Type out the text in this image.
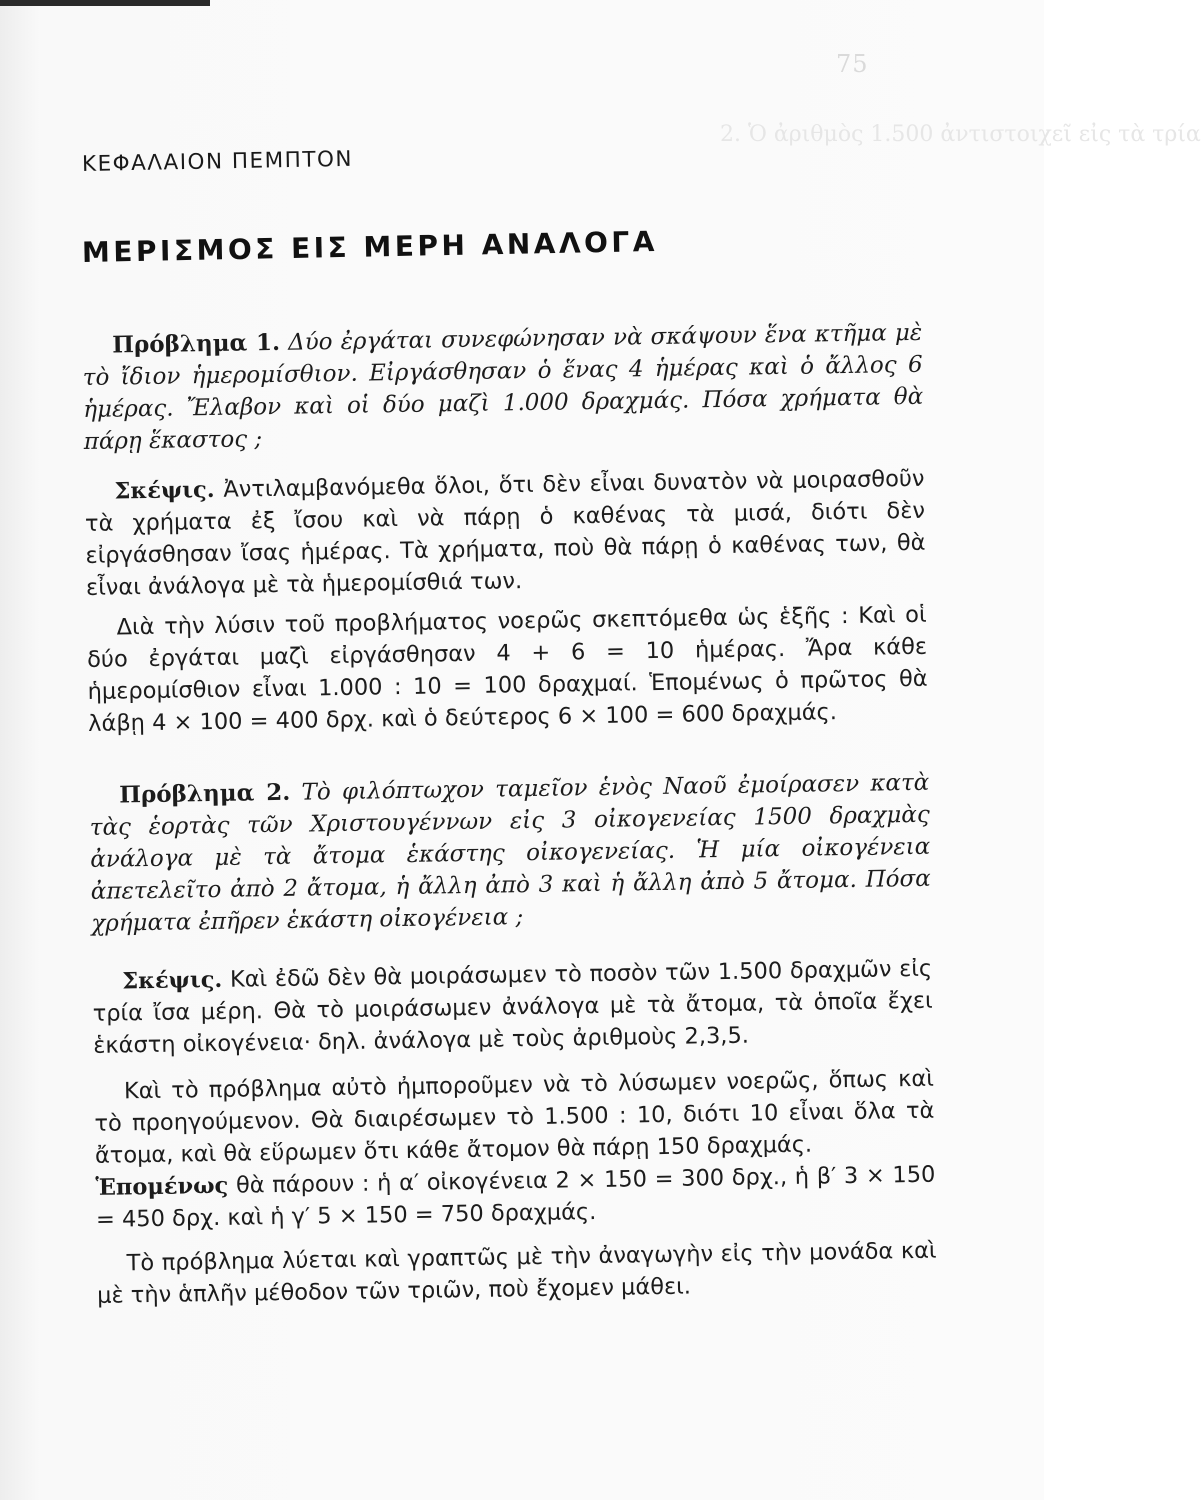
75
2. Ὁ ἀριθμὸς 1.500 ἀντιστοιχεῖ εἰς τὰ τρία
ΚΕΦΑΛΑΙΟΝ ΠΕΜΠΤΟΝ
ΜΕΡΙΣΜΟΣ ΕΙΣ ΜΕΡΗ ΑΝΑΛΟΓΑ

Πρόβλημα 1. Δύο ἐργάται συνεφώνησαν νὰ σκάψουν ἕνα κτῆμα μὲ τὸ ἴδιον ἡμερομίσθιον. Εἰργάσθησαν ὁ ἕνας 4 ἡμέρας καὶ ὁ ἄλλος 6 ἡμέρας. Ἔλαβον καὶ οἱ δύο μαζὶ 1.000 δραχμάς. Πόσα χρήματα θὰ πάρῃ ἕκαστος ;

Σκέψις. Ἀντιλαμβανόμεθα ὅλοι, ὅτι δὲν εἶναι δυνατὸν νὰ μοιρασθοῦν τὰ χρήματα ἐξ ἴσου καὶ νὰ πάρῃ ὁ καθένας τὰ μισά, διότι δὲν εἰργάσθησαν ἴσας ἡμέρας. Τὰ χρήματα, ποὺ θὰ πάρῃ ὁ καθένας των, θὰ εἶναι ἀνάλογα μὲ τὰ ἡμερομίσθιά των.

Διὰ τὴν λύσιν τοῦ προβλήματος νοερῶς σκεπτόμεθα ὡς ἑξῆς : Καὶ οἱ δύο ἐργάται μαζὶ εἰργάσθησαν 4 + 6 = 10 ἡμέρας. Ἄρα κάθε ἡμερομίσθιον εἶναι 1.000 : 10 = 100 δραχμαί. Ἑπομένως ὁ πρῶτος θὰ λάβῃ 4 × 100 = 400 δρχ. καὶ ὁ δεύτερος 6 × 100 = 600 δραχμάς.

Πρόβλημα 2. Τὸ φιλόπτωχον ταμεῖον ἑνὸς Ναοῦ ἐμοίρασεν κατὰ τὰς ἑορτὰς τῶν Χριστουγέννων εἰς 3 οἰκογενείας 1500 δραχμὰς ἀνάλογα μὲ τὰ ἄτομα ἑκάστης οἰκογενείας. Ἡ μία οἰκογένεια ἀπετελεῖτο ἀπὸ 2 ἄτομα, ἡ ἄλλη ἀπὸ 3 καὶ ἡ ἄλλη ἀπὸ 5 ἄτομα. Πόσα χρήματα ἐπῆρεν ἑκάστη οἰκογένεια ;

Σκέψις. Καὶ ἐδῶ δὲν θὰ μοιράσωμεν τὸ ποσὸν τῶν 1.500 δραχμῶν εἰς τρία ἴσα μέρη. Θὰ τὸ μοιράσωμεν ἀνάλογα μὲ τὰ ἄτομα, τὰ ὁποῖα ἔχει ἑκάστη οἰκογένεια· δηλ. ἀνάλογα μὲ τοὺς ἀριθμοὺς 2,3,5.

Καὶ τὸ πρόβλημα αὐτὸ ἠμποροῦμεν νὰ τὸ λύσωμεν νοερῶς, ὅπως καὶ τὸ προηγούμενον. Θὰ διαιρέσωμεν τὸ 1.500 : 10, διότι 10 εἶναι ὅλα τὰ ἄτομα, καὶ θὰ εὕρωμεν ὅτι κάθε ἄτομον θὰ πάρῃ 150 δραχμάς.
Ἑπομένως θὰ πάρουν : ἡ α′ οἰκογένεια 2 × 150 = 300 δρχ., ἡ β′ 3 × 150 = 450 δρχ. καὶ ἡ γ′ 5 × 150 = 750 δραχμάς.

Τὸ πρόβλημα λύεται καὶ γραπτῶς μὲ τὴν ἀναγωγὴν εἰς τὴν μονάδα καὶ μὲ τὴν ἁπλῆν μέθοδον τῶν τριῶν, ποὺ ἔχομεν μάθει.
